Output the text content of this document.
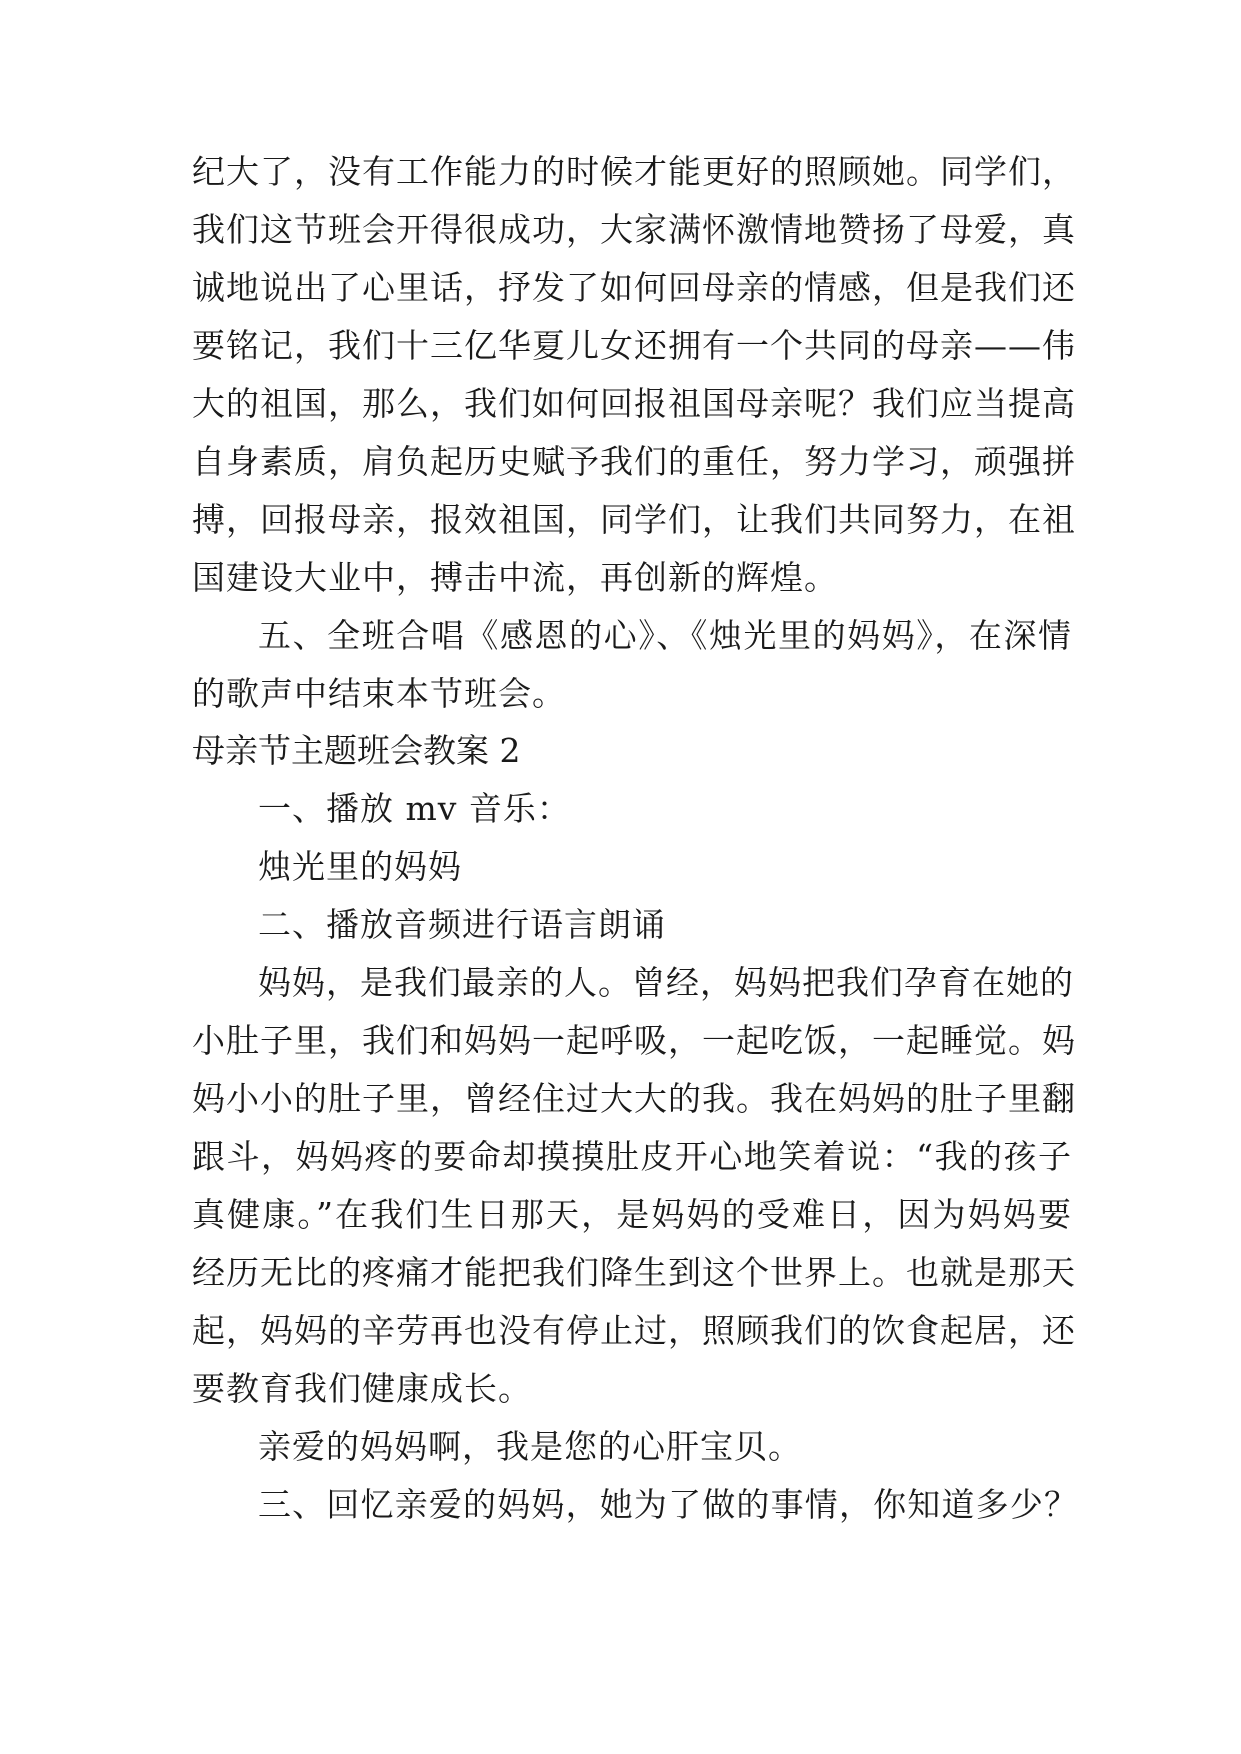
纪大了，没有工作能力的时候才能更好的照顾她。同学们，
我们这节班会开得很成功，大家满怀激情地赞扬了母爱，真
诚地说出了心里话，抒发了如何回母亲的情感，但是我们还
要铭记，我们十三亿华夏儿女还拥有一个共同的母亲——伟
大的祖国，那么，我们如何回报祖国母亲呢？我们应当提高
自身素质，肩负起历史赋予我们的重任，努力学习，顽强拼
搏，回报母亲，报效祖国，同学们，让我们共同努力，在祖
国建设大业中，搏击中流，再创新的辉煌。
五、全班合唱《感恩的心》、《烛光里的妈妈》，在深情
的歌声中结束本节班会。
母亲节主题班会教案 2
一、播放 mv 音乐：
烛光里的妈妈
二、播放音频进行语言朗诵
妈妈，是我们最亲的人。曾经，妈妈把我们孕育在她的
小肚子里，我们和妈妈一起呼吸，一起吃饭，一起睡觉。妈
妈小小的肚子里，曾经住过大大的我。我在妈妈的肚子里翻
跟斗，妈妈疼的要命却摸摸肚皮开心地笑着说：“我的孩子
真健康。”在我们生日那天，是妈妈的受难日，因为妈妈要
经历无比的疼痛才能把我们降生到这个世界上。也就是那天
起，妈妈的辛劳再也没有停止过，照顾我们的饮食起居，还
要教育我们健康成长。
亲爱的妈妈啊，我是您的心肝宝贝。
三、回忆亲爱的妈妈，她为了做的事情，你知道多少？
